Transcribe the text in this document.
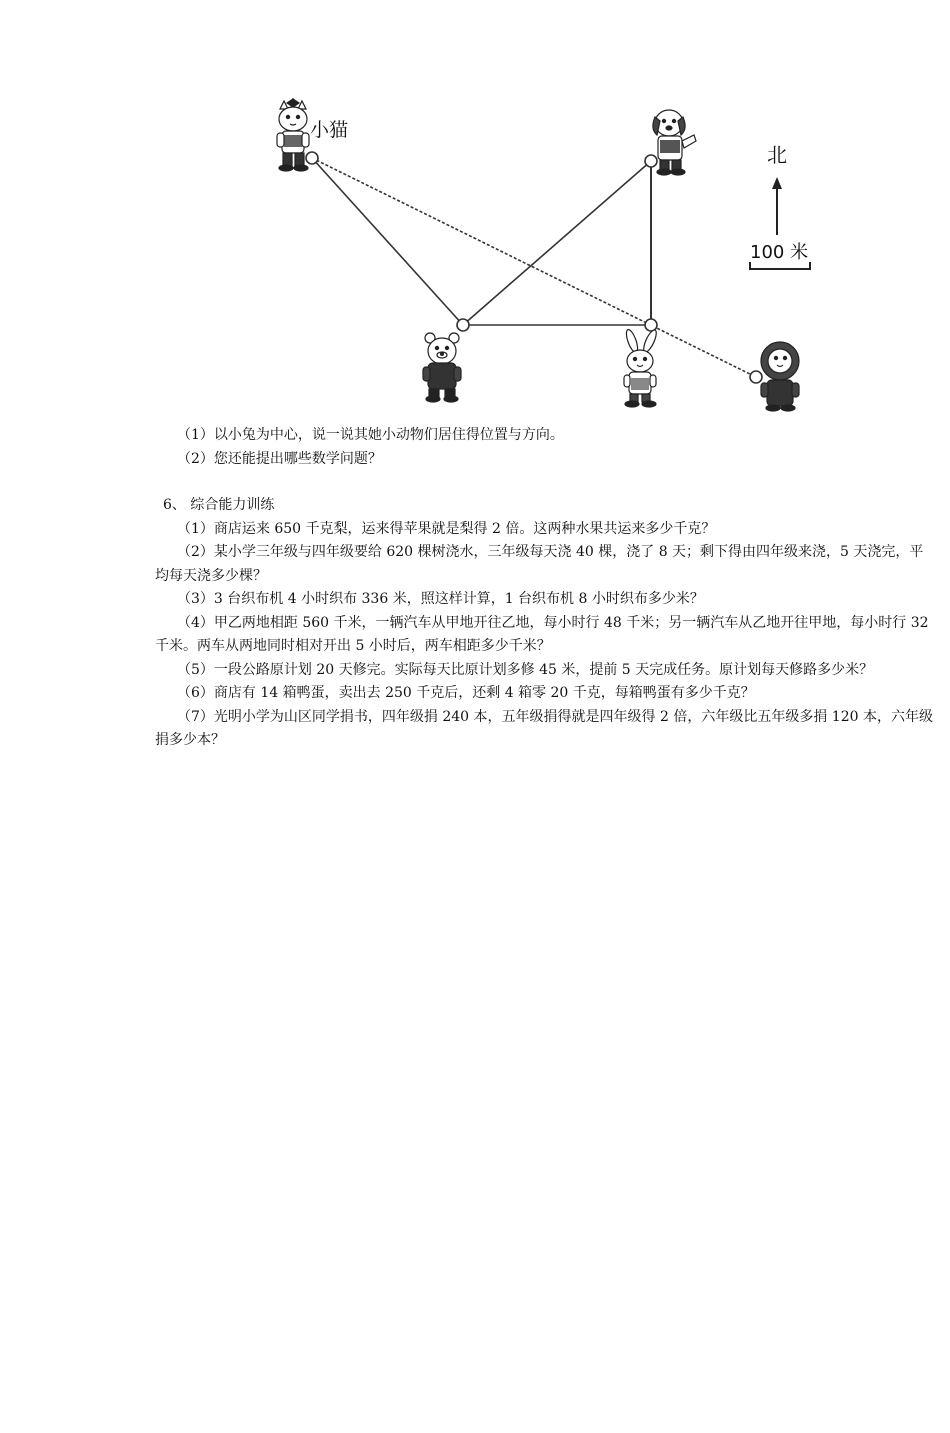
小猫
北
100 米
（1）以小兔为中心，说一说其她小动物们居住得位置与方向。
（2）您还能提出哪些数学问题？
6、 综合能力训练
（1）商店运来 650 千克梨，运来得苹果就是梨得 2 倍。这两种水果共运来多少千克？
（2）某小学三年级与四年级要给 620 棵树浇水，三年级每天浇 40 棵，浇了 8 天；剩下得由四年级来浇，5 天浇完，平均每天浇多少棵？
（3）3 台织布机 4 小时织布 336 米，照这样计算，1 台织布机 8 小时织布多少米？
（4）甲乙两地相距 560 千米，一辆汽车从甲地开往乙地，每小时行 48 千米；另一辆汽车从乙地开往甲地，每小时行 32 千米。两车从两地同时相对开出 5 小时后，两车相距多少千米？
（5）一段公路原计划 20 天修完。实际每天比原计划多修 45 米，提前 5 天完成任务。原计划每天修路多少米？
（6）商店有 14 箱鸭蛋，卖出去 250 千克后，还剩 4 箱零 20 千克，每箱鸭蛋有多少千克？
（7）光明小学为山区同学捐书，四年级捐 240 本，五年级捐得就是四年级得 2 倍，六年级比五年级多捐 120 本，六年级捐多少本？
